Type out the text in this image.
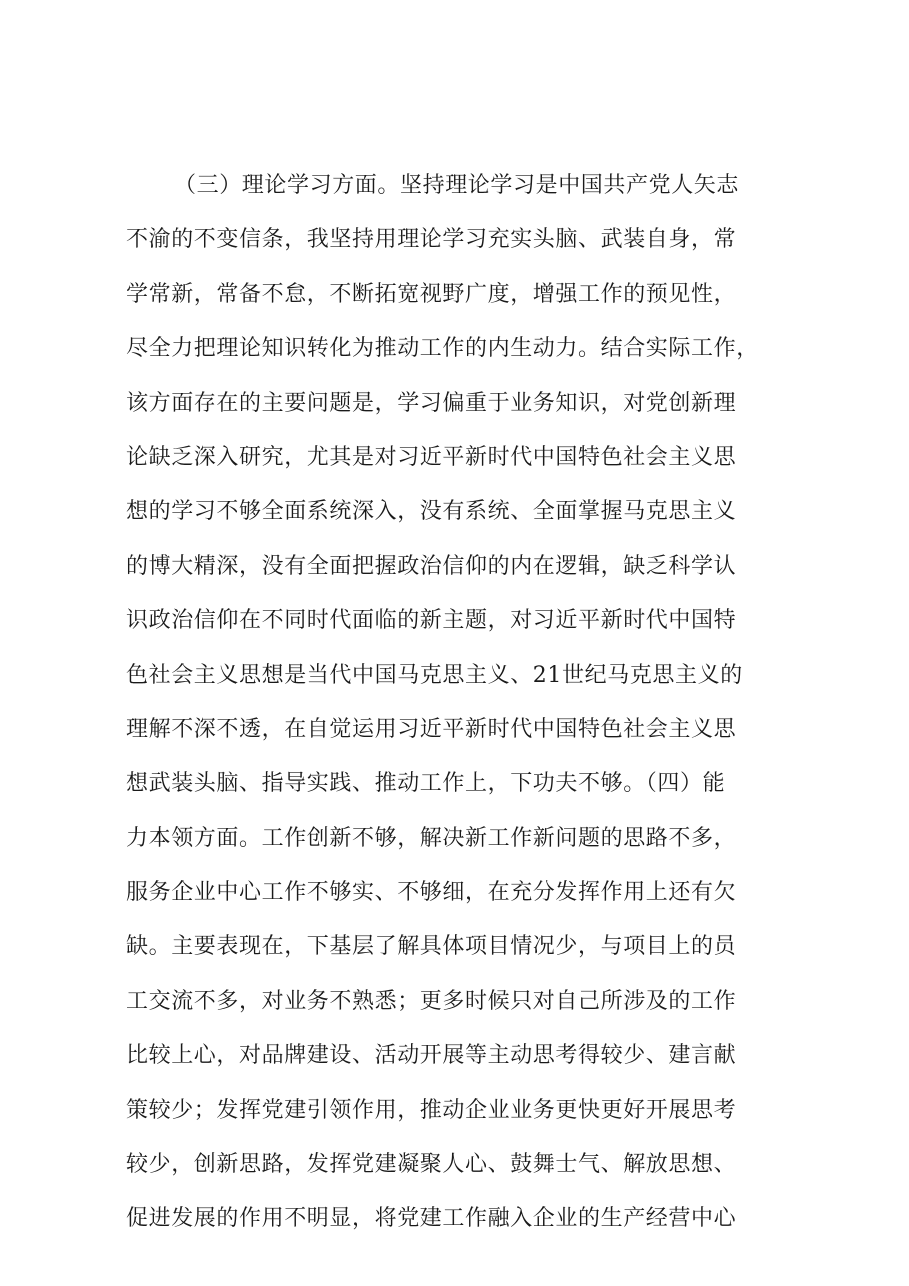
（三）理论学习方面。坚持理论学习是中国共产党人矢志
不渝的不变信条，我坚持用理论学习充实头脑、武装自身，常
学常新，常备不怠，不断拓宽视野广度，增强工作的预见性，
尽全力把理论知识转化为推动工作的内生动力。结合实际工作，
该方面存在的主要问题是，学习偏重于业务知识，对党创新理
论缺乏深入研究，尤其是对习近平新时代中国特色社会主义思
想的学习不够全面系统深入，没有系统、全面掌握马克思主义
的博大精深，没有全面把握政治信仰的内在逻辑，缺乏科学认
识政治信仰在不同时代面临的新主题，对习近平新时代中国特
色社会主义思想是当代中国马克思主义、21世纪马克思主义的
理解不深不透，在自觉运用习近平新时代中国特色社会主义思
想武装头脑、指导实践、推动工作上，下功夫不够。（四）能
力本领方面。工作创新不够，解决新工作新问题的思路不多，
服务企业中心工作不够实、不够细，在充分发挥作用上还有欠
缺。主要表现在，下基层了解具体项目情况少，与项目上的员
工交流不多，对业务不熟悉；更多时候只对自己所涉及的工作
比较上心，对品牌建设、活动开展等主动思考得较少、建言献
策较少；发挥党建引领作用，推动企业业务更快更好开展思考
较少，创新思路，发挥党建凝聚人心、鼓舞士气、解放思想、
促进发展的作用不明显，将党建工作融入企业的生产经营中心
